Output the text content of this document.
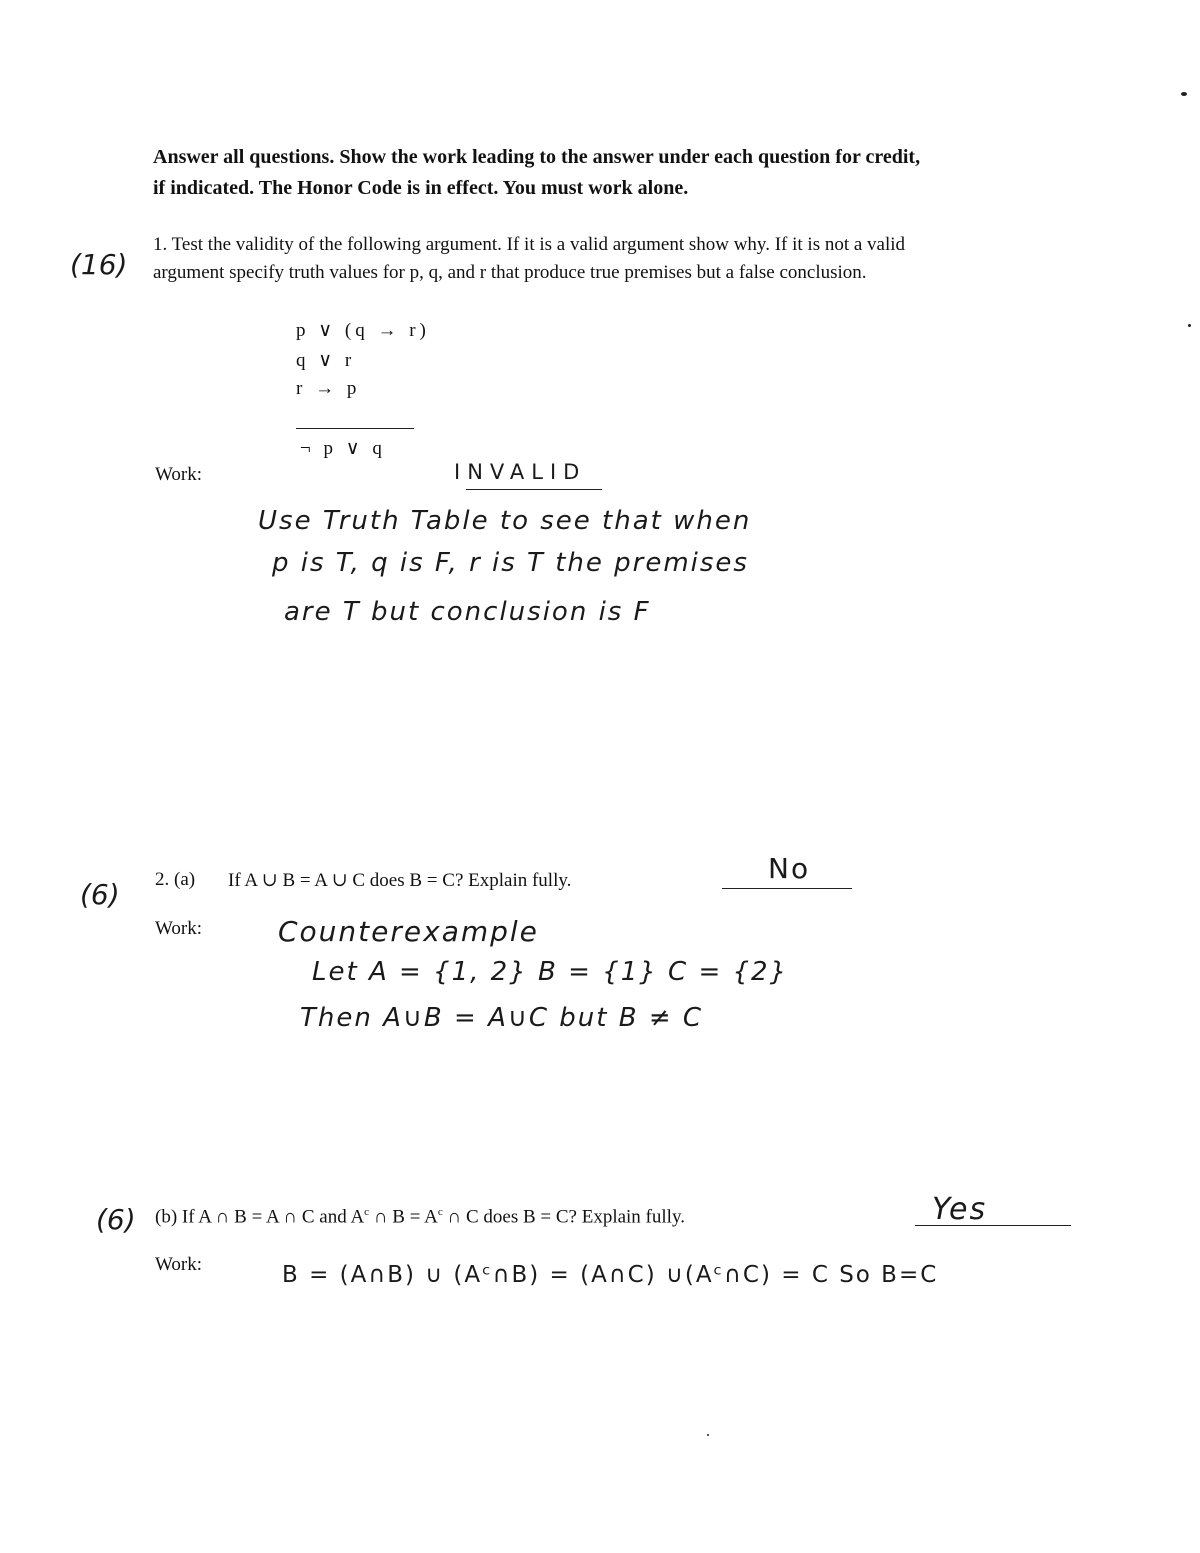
Answer all questions. Show the work leading to the answer under each question for credit,
if indicated. The Honor Code is in effect. You must work alone.
(16)
1. Test the validity of the following argument. If it is a valid argument show why. If it is not a valid
argument specify truth values for p, q, and r that produce true premises but a false conclusion.
p ∨ (q → r)
q ∨ r
r → p
¬ p ∨ q
Work:	INVALID
Use Truth Table to see that when
p is T, q is F, r is T the premises
are T but conclusion is F
(6) 2. (a) If A ∪ B = A ∪ C does B = C? Explain fully.	No
Work:	Counterexample
Let A = {1, 2} B = {1} C = {2}
Then A∪B = A∪C but B ≠ C
(6) (b) If A ∩ B = A ∩ C and $A^c$ ∩ $B = A^c$ ∩ C does B = C? Explain fully.	Yes
Work:	B = (A∩B) ∪ (Aᶜ∩B) = (A∩C) ∪(Aᶜ∩C) = C So B=C
